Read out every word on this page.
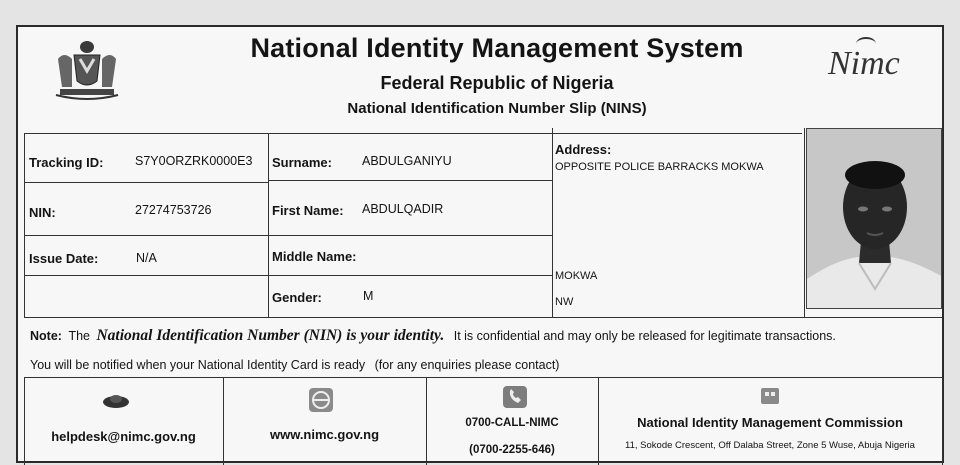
National Identity Management System
Federal Republic of Nigeria
National Identification Number Slip (NINS)
Nimc
Tracking ID:	S7Y0ORZRK0000E3
NIN:	27274753726
Issue Date:	N/A
Surname: ABDULGANIYU
First Name: ABDULQADIR
Middle Name:
Gender:	M
Address:
OPPOSITE POLICE BARRACKS MOKWA
MOKWA
NW
Note: The National Identification Number (NIN) is your identity. It is confidential and may only be released for legitimate transactions.
You will be notified when your National Identity Card is ready (for any enquiries please contact)
helpdesk@nimc.gov.ng	www.nimc.gov.ng
0700-CALL-NIMC
(0700-2255-646)
National Identity Management Commission
11, Sokode Crescent, Off Dalaba Street, Zone 5 Wuse, Abuja Nigeria
